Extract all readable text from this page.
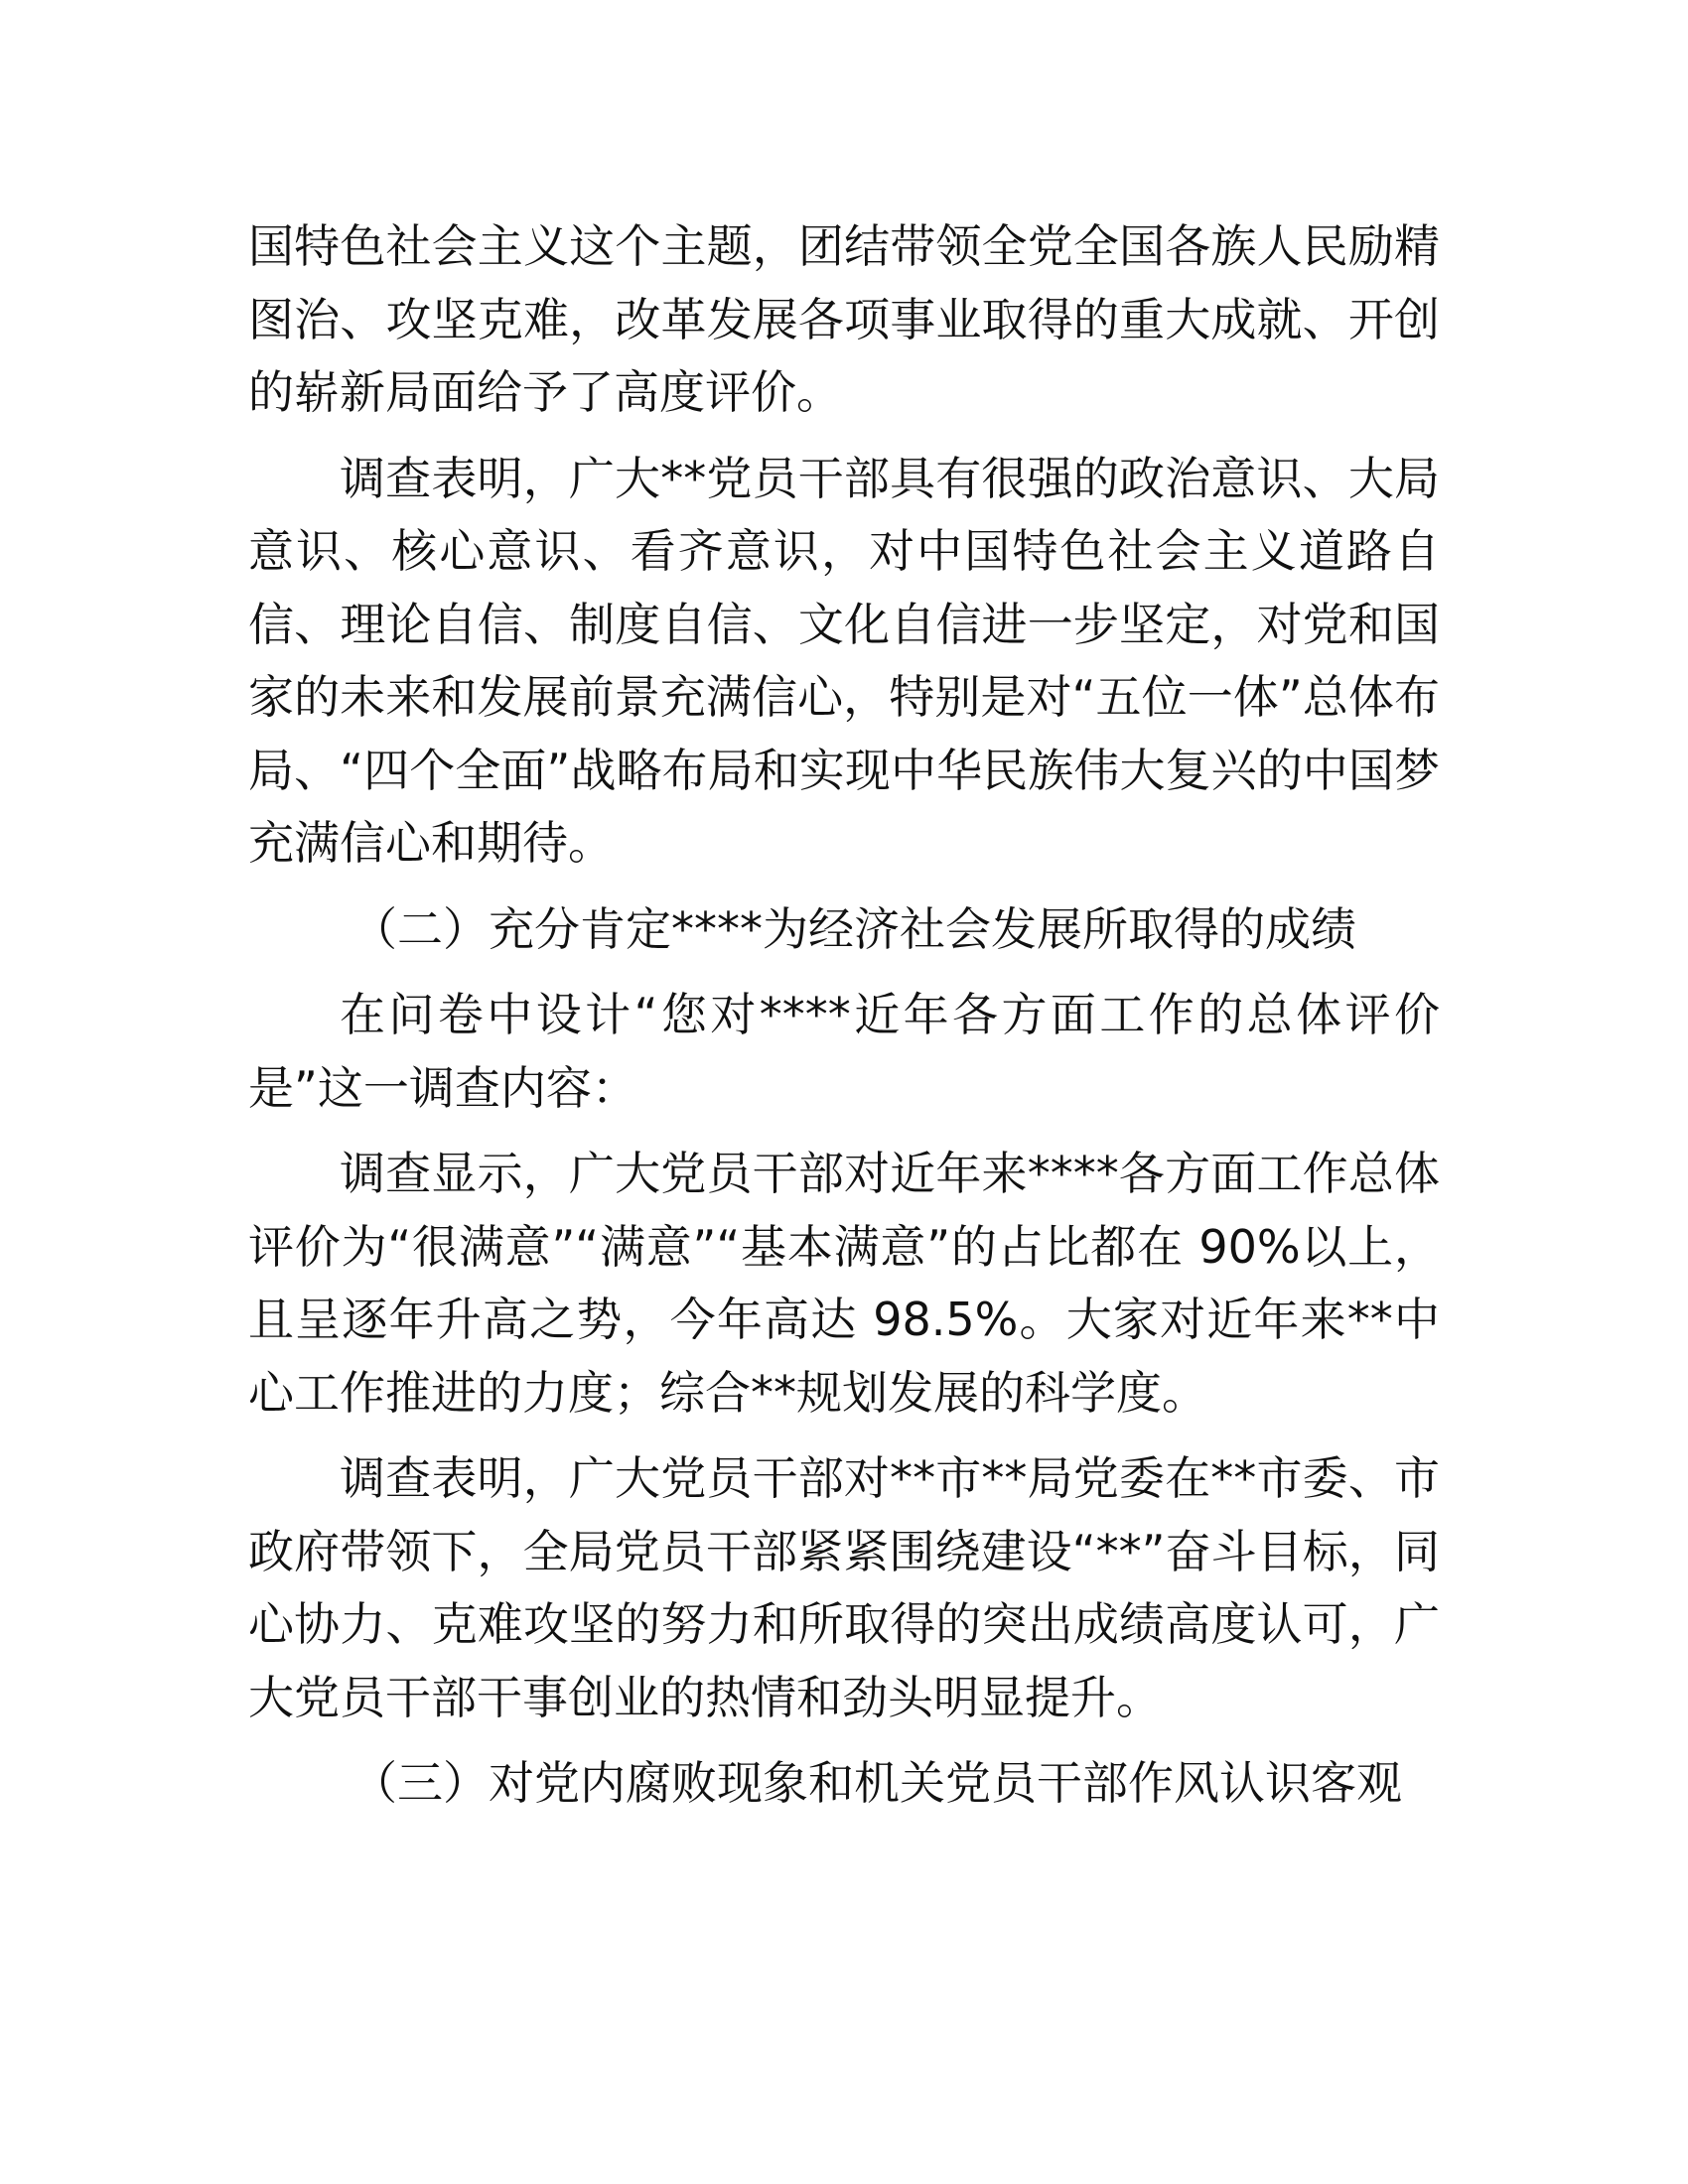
国特色社会主义这个主题，团结带领全党全国各族人民励精图治、攻坚克难，改革发展各项事业取得的重大成就、开创的崭新局面给予了高度评价。

调查表明，广大**党员干部具有很强的政治意识、大局意识、核心意识、看齐意识，对中国特色社会主义道路自信、理论自信、制度自信、文化自信进一步坚定，对党和国家的未来和发展前景充满信心，特别是对“五位一体”总体布局、“四个全面”战略布局和实现中华民族伟大复兴的中国梦充满信心和期待。

（二）充分肯定****为经济社会发展所取得的成绩

在问卷中设计“您对****近年各方面工作的总体评价是”这一调查内容：

调查显示，广大党员干部对近年来****各方面工作总体评价为“很满意”“满意”“基本满意”的占比都在 90%以上，且呈逐年升高之势，今年高达 98.5%。大家对近年来**中心工作推进的力度；综合**规划发展的科学度。

调查表明，广大党员干部对**市**局党委在**市委、市政府带领下，全局党员干部紧紧围绕建设“**”奋斗目标，同心协力、克难攻坚的努力和所取得的突出成绩高度认可，广大党员干部干事创业的热情和劲头明显提升。

（三）对党内腐败现象和机关党员干部作风认识客观
